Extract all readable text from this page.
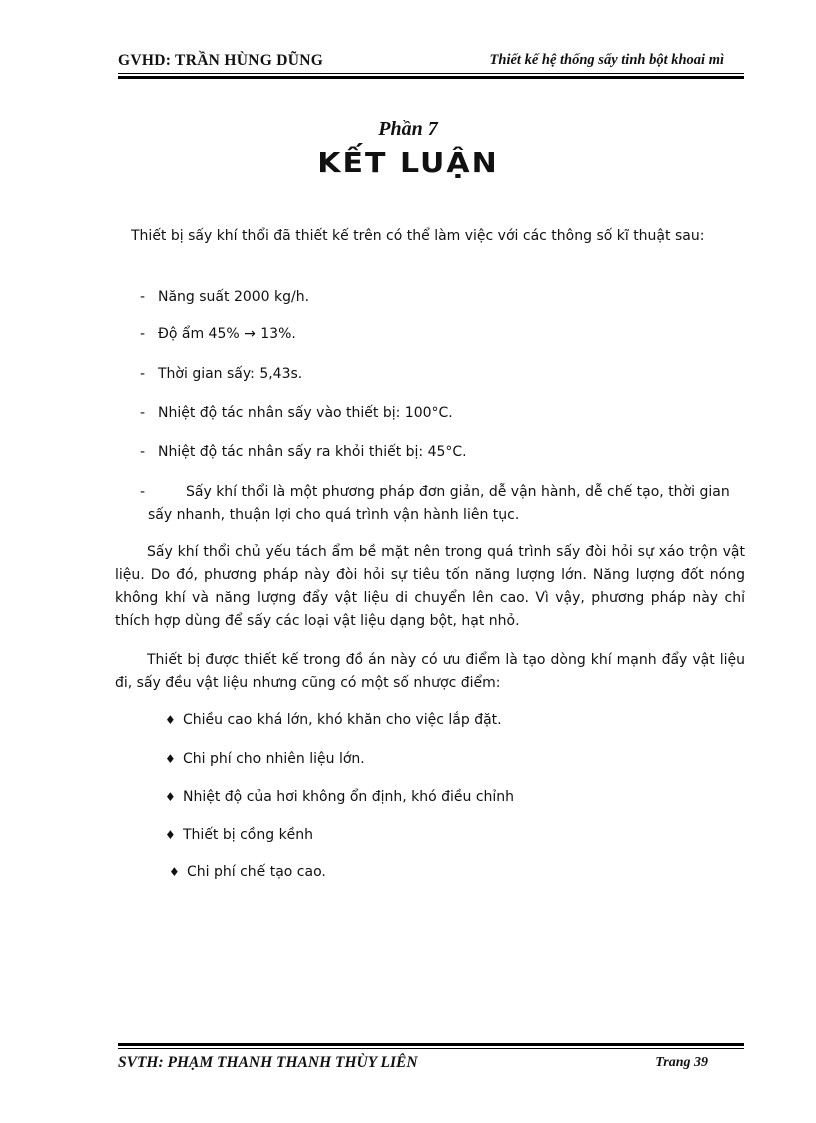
GVHD: TRẦN HÙNG DŨNG	Thiết kế hệ thống sấy tinh bột khoai mì
Phần 7
KẾT LUẬN
Thiết bị sấy khí thổi đã thiết kế trên có thể làm việc với các thông số kĩ thuật sau:
- Năng suất 2000 kg/h.
- Độ ẩm 45% → 13%.
- Thời gian sấy: 5,43s.
- Nhiệt độ tác nhân sấy vào thiết bị: 100°C.
- Nhiệt độ tác nhân sấy ra khỏi thiết bị: 45°C.
-	Sấy khí thổi là một phương pháp đơn giản, dễ vận hành, dễ chế tạo, thời gian sấy nhanh, thuận lợi cho quá trình vận hành liên tục.
Sấy khí thổi chủ yếu tách ẩm bề mặt nên trong quá trình sấy đòi hỏi sự xáo trộn vật liệu. Do đó, phương pháp này đòi hỏi sự tiêu tốn năng lượng lớn. Năng lượng đốt nóng không khí và năng lượng đẩy vật liệu di chuyển lên cao. Vì vậy, phương pháp này chỉ thích hợp dùng để sấy các loại vật liệu dạng bột, hạt nhỏ.
Thiết bị được thiết kế trong đồ án này có ưu điểm là tạo dòng khí mạnh đẩy vật liệu đi, sấy đều vật liệu nhưng cũng có một số nhược điểm:
♦ Chiều cao khá lớn, khó khăn cho việc lắp đặt.
♦ Chi phí cho nhiên liệu lớn.
♦ Nhiệt độ của hơi không ổn định, khó điều chỉnh
♦ Thiết bị cồng kềnh
♦ Chi phí chế tạo cao.
SVTH: PHẠM THANH THANH THÙY LIÊN	Trang 39
